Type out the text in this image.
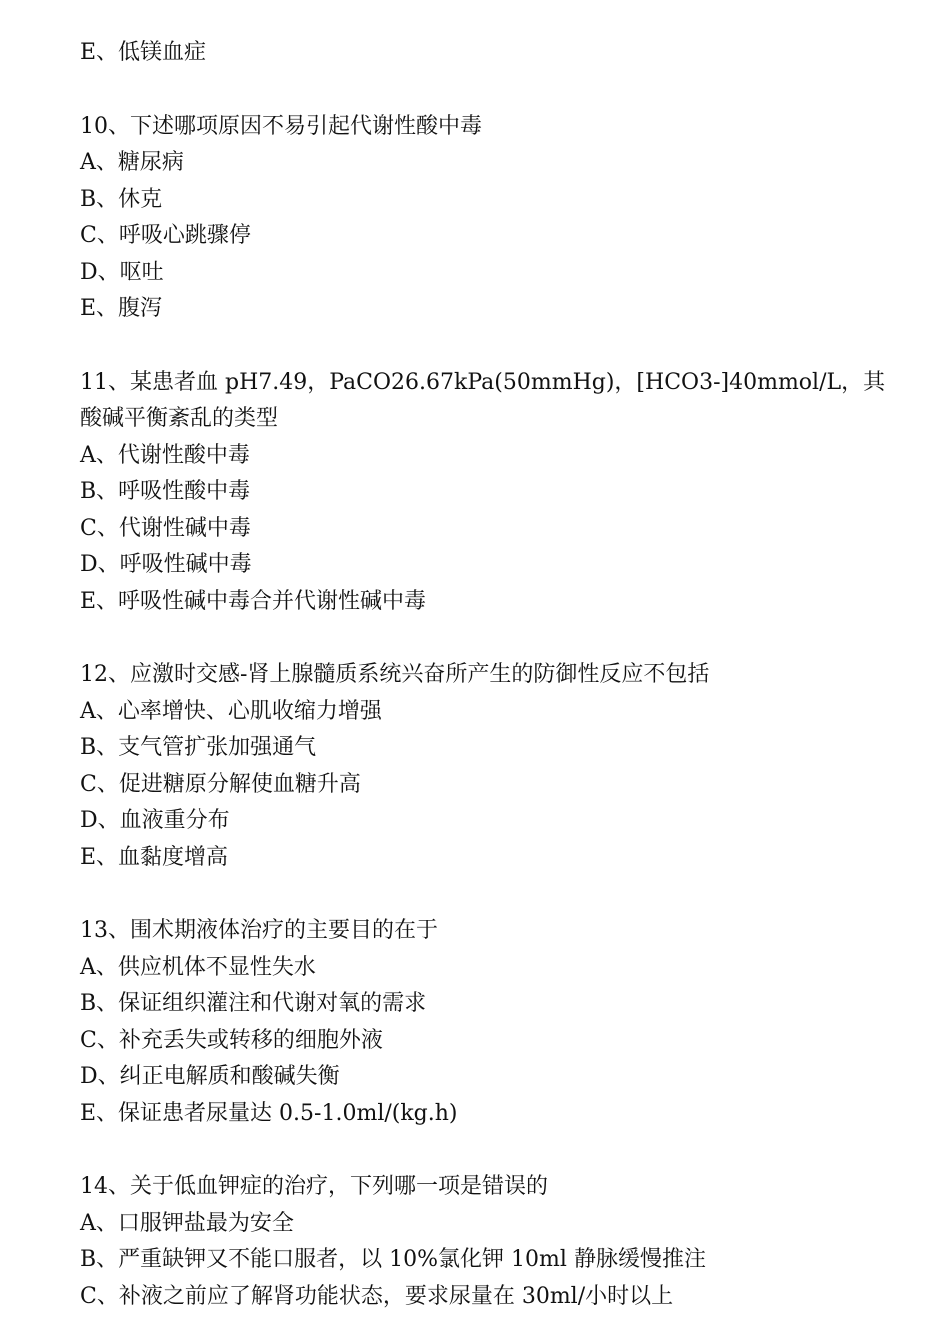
E、低镁血症
10、下述哪项原因不易引起代谢性酸中毒
A、糖尿病
B、休克
C、呼吸心跳骤停
D、呕吐
E、腹泻
11、某患者血 pH7.49，PaCO26.67kPa(50mmHg)，[HCO3-]40mmol/L，其
酸碱平衡紊乱的类型
A、代谢性酸中毒
B、呼吸性酸中毒
C、代谢性碱中毒
D、呼吸性碱中毒
E、呼吸性碱中毒合并代谢性碱中毒
12、应激时交感-肾上腺髓质系统兴奋所产生的防御性反应不包括
A、心率增快、心肌收缩力增强
B、支气管扩张加强通气
C、促进糖原分解使血糖升高
D、血液重分布
E、血黏度增高
13、围术期液体治疗的主要目的在于
A、供应机体不显性失水
B、保证组织灌注和代谢对氧的需求
C、补充丢失或转移的细胞外液
D、纠正电解质和酸碱失衡
E、保证患者尿量达 0.5-1.0ml/(kg.h)
14、关于低血钾症的治疗，下列哪一项是错误的
A、口服钾盐最为安全
B、严重缺钾又不能口服者，以 10%氯化钾 10ml 静脉缓慢推注
C、补液之前应了解肾功能状态，要求尿量在 30ml/小时以上
